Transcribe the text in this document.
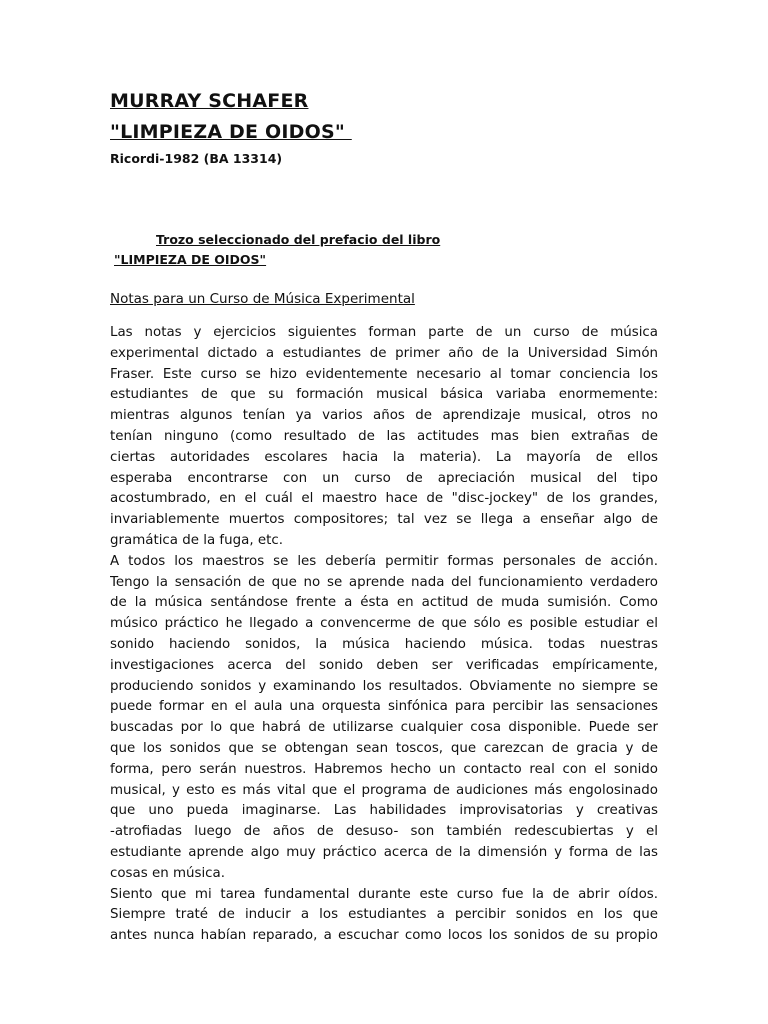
MURRAY SCHAFER

"LIMPIEZA DE OIDOS"

Ricordi-1982 (BA 13314)

Trozo seleccionado del prefacio del libro

"LIMPIEZA DE OIDOS"

Notas para un Curso de Música Experimental

Las notas y ejercicios siguientes forman parte de un curso de música
experimental dictado a estudiantes de primer año de la Universidad Simón
Fraser. Este curso se hizo evidentemente necesario al tomar conciencia los
estudiantes de que su formación musical básica variaba enormemente:
mientras algunos tenían ya varios años de aprendizaje musical, otros no
tenían ninguno (como resultado de las actitudes mas bien extrañas de
ciertas autoridades escolares hacia la materia). La mayoría de ellos
esperaba encontrarse con un curso de apreciación musical del tipo
acostumbrado, en el cuál el maestro hace de "disc-jockey" de los grandes,
invariablemente muertos compositores; tal vez se llega a enseñar algo de
gramática de la fuga, etc.
A todos los maestros se les debería permitir formas personales de acción.
Tengo la sensación de que no se aprende nada del funcionamiento verdadero
de la música sentándose frente a ésta en actitud de muda sumisión. Como
músico práctico he llegado a convencerme de que sólo es posible estudiar el
sonido haciendo sonidos, la música haciendo música. todas nuestras
investigaciones acerca del sonido deben ser verificadas empíricamente,
produciendo sonidos y examinando los resultados. Obviamente no siempre se
puede formar en el aula una orquesta sinfónica para percibir las sensaciones
buscadas por lo que habrá de utilizarse cualquier cosa disponible. Puede ser
que los sonidos que se obtengan sean toscos, que carezcan de gracia y de
forma, pero serán nuestros. Habremos hecho un contacto real con el sonido
musical, y esto es más vital que el programa de audiciones más engolosinado
que uno pueda imaginarse. Las habilidades improvisatorias y creativas
-atrofiadas luego de años de desuso- son también redescubiertas y el
estudiante aprende algo muy práctico acerca de la dimensión y forma de las
cosas en música.
Siento que mi tarea fundamental durante este curso fue la de abrir oídos.
Siempre traté de inducir a los estudiantes a percibir sonidos en los que
antes nunca habían reparado, a escuchar como locos los sonidos de su propio
